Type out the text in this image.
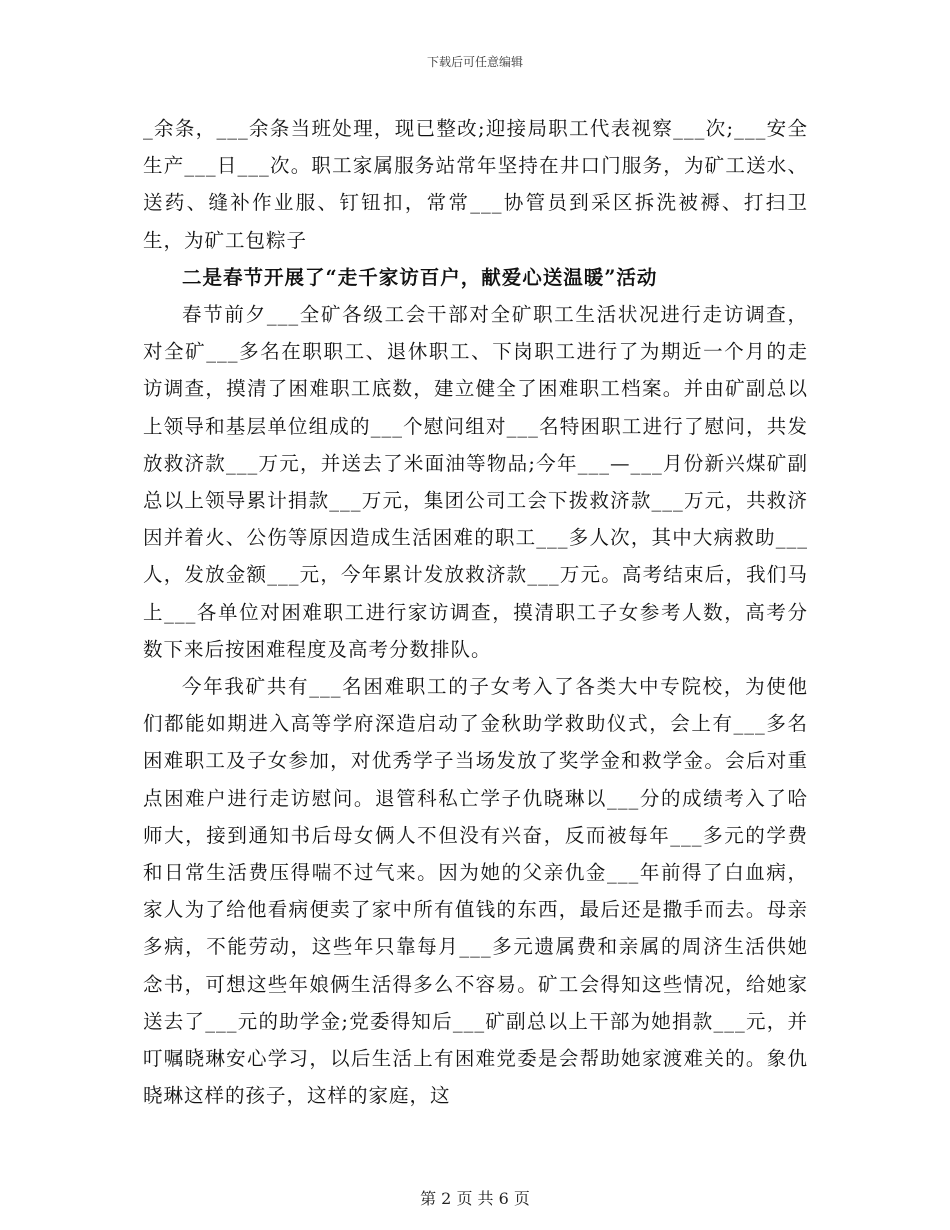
下载后可任意编辑

_余条，___余条当班处理，现已整改;迎接局职工代表视察___次;___安全生产___日___次。职工家属服务站常年坚持在井口门服务，为矿工送水、送药、缝补作业服、钉钮扣，常常___协管员到采区拆洗被褥、打扫卫生，为矿工包粽子

二是春节开展了“走千家访百户，献爱心送温暖”活动

春节前夕___全矿各级工会干部对全矿职工生活状况进行走访调查，对全矿___多名在职职工、退休职工、下岗职工进行了为期近一个月的走访调查，摸清了困难职工底数，建立健全了困难职工档案。并由矿副总以上领导和基层单位组成的___个慰问组对___名特困职工进行了慰问，共发放救济款___万元，并送去了米面油等物品;今年___—___月份新兴煤矿副总以上领导累计捐款___万元，集团公司工会下拨救济款___万元，共救济因并着火、公伤等原因造成生活困难的职工___多人次，其中大病救助___人，发放金额___元，今年累计发放救济款___万元。高考结束后，我们马上___各单位对困难职工进行家访调查，摸清职工子女参考人数，高考分数下来后按困难程度及高考分数排队。

今年我矿共有___名困难职工的子女考入了各类大中专院校，为使他们都能如期进入高等学府深造启动了金秋助学救助仪式，会上有___多名困难职工及子女参加，对优秀学子当场发放了奖学金和救学金。会后对重点困难户进行走访慰问。退管科私亡学子仇晓琳以___分的成绩考入了哈师大，接到通知书后母女俩人不但没有兴奋，反而被每年___多元的学费和日常生活费压得喘不过气来。因为她的父亲仇金___年前得了白血病，家人为了给他看病便卖了家中所有值钱的东西，最后还是撒手而去。母亲多病，不能劳动，这些年只靠每月___多元遗属费和亲属的周济生活供她念书，可想这些年娘俩生活得多么不容易。矿工会得知这些情况，给她家送去了___元的助学金;党委得知后___矿副总以上干部为她捐款___元，并叮嘱晓琳安心学习，以后生活上有困难党委是会帮助她家渡难关的。象仇晓琳这样的孩子，这样的家庭，这

第 2 页 共 6 页
